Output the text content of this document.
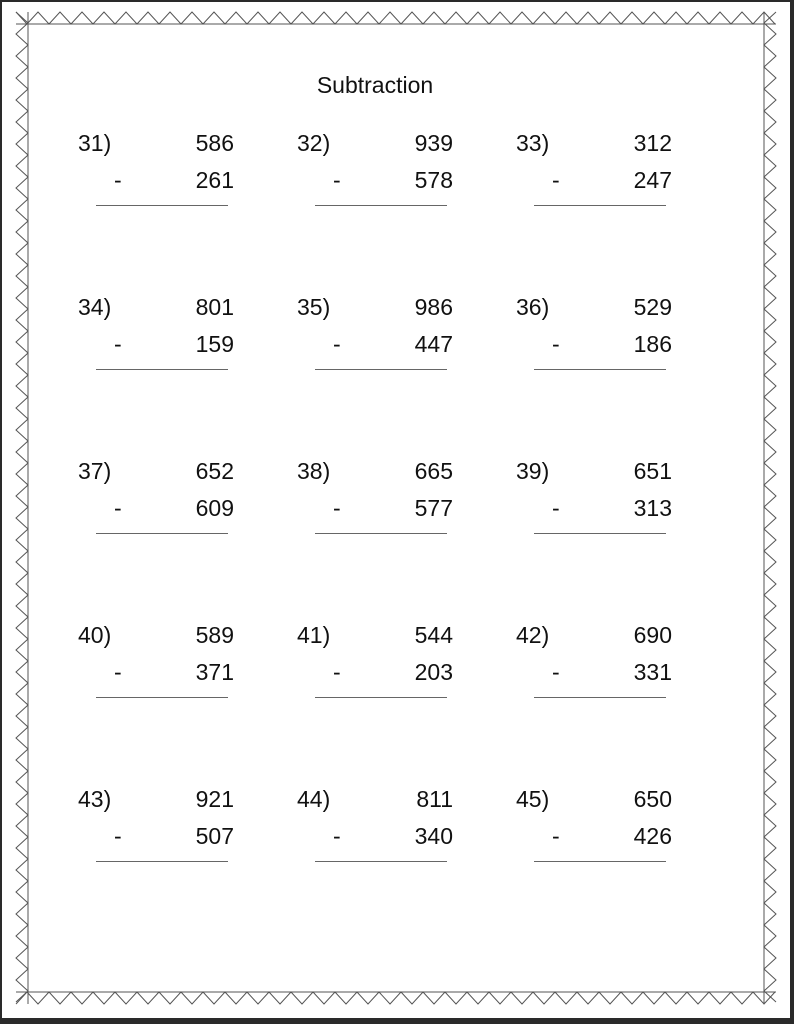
Subtraction
31)	586
-	261
32)	939
-	578
33)	312
-	247
34)	801
-	159
35)	986
-	447
36)	529
-	186
37)	652
-	609
38)	665
-	577
39)	651
-	313
40)	589
-	371
41)	544
-	203
42)	690
-	331
43)	921
-	507
44)	811
-	340
45)	650
-	426
